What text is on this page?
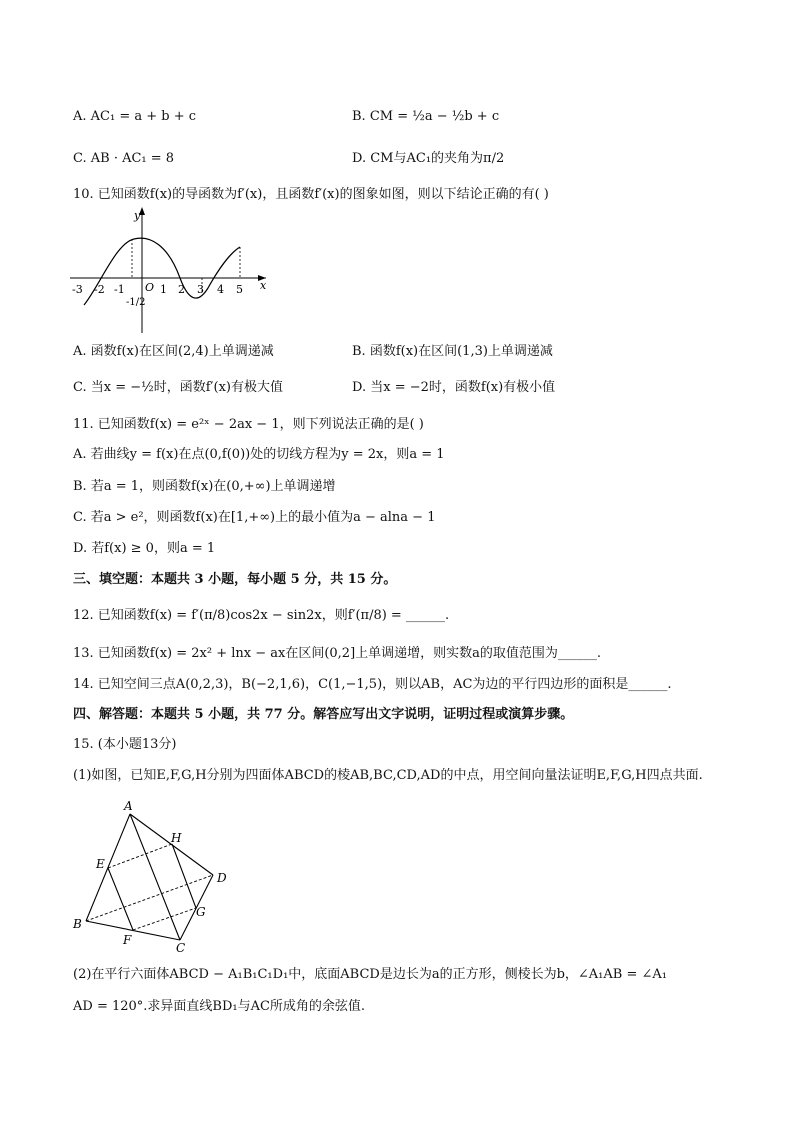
A. AC₁ = a + b + c	B. CM = ½a − ½b + c
C. AB · AC₁ = 8	D. CM与AC₁的夹角为π/2
10. 已知函数f(x)的导函数为f′(x)，且函数f′(x)的图象如图，则以下结论正确的有( )
y
x
O
-3 -2 -1
-1/2
1 2 3 4 5
A. 函数f(x)在区间(2,4)上单调递减	B. 函数f(x)在区间(1,3)上单调递减
C. 当x = −½时，函数f′(x)有极大值	D. 当x = −2时，函数f(x)有极小值
11. 已知函数f(x) = e²ˣ − 2ax − 1，则下列说法正确的是( )
A. 若曲线y = f(x)在点(0,f(0))处的切线方程为y = 2x，则a = 1
B. 若a = 1，则函数f(x)在(0,+∞)上单调递增
C. 若a > e²，则函数f(x)在[1,+∞)上的最小值为a − alna − 1
D. 若f(x) ≥ 0，则a = 1
三、填空题：本题共 3 小题，每小题 5 分，共 15 分。
12. 已知函数f(x) = f′(π/8)cos2x − sin2x，则f′(π/8) = ______.
13. 已知函数f(x) = 2x² + lnx − ax在区间(0,2]上单调递增，则实数a的取值范围为______.
14. 已知空间三点A(0,2,3)，B(−2,1,6)，C(1,−1,5)，则以AB，AC为边的平行四边形的面积是______.
四、解答题：本题共 5 小题，共 77 分。解答应写出文字说明，证明过程或演算步骤。
15. (本小题13分)
(1)如图，已知E,F,G,H分别为四面体ABCD的棱AB,BC,CD,AD的中点，用空间向量法证明E,F,G,H四点共面.
A
B
C
D
E
F
G
H
(2)在平行六面体ABCD − A₁B₁C₁D₁中，底面ABCD是边长为a的正方形，侧棱长为b，∠A₁AB = ∠A₁
AD = 120°.求异面直线BD₁与AC所成角的余弦值.
